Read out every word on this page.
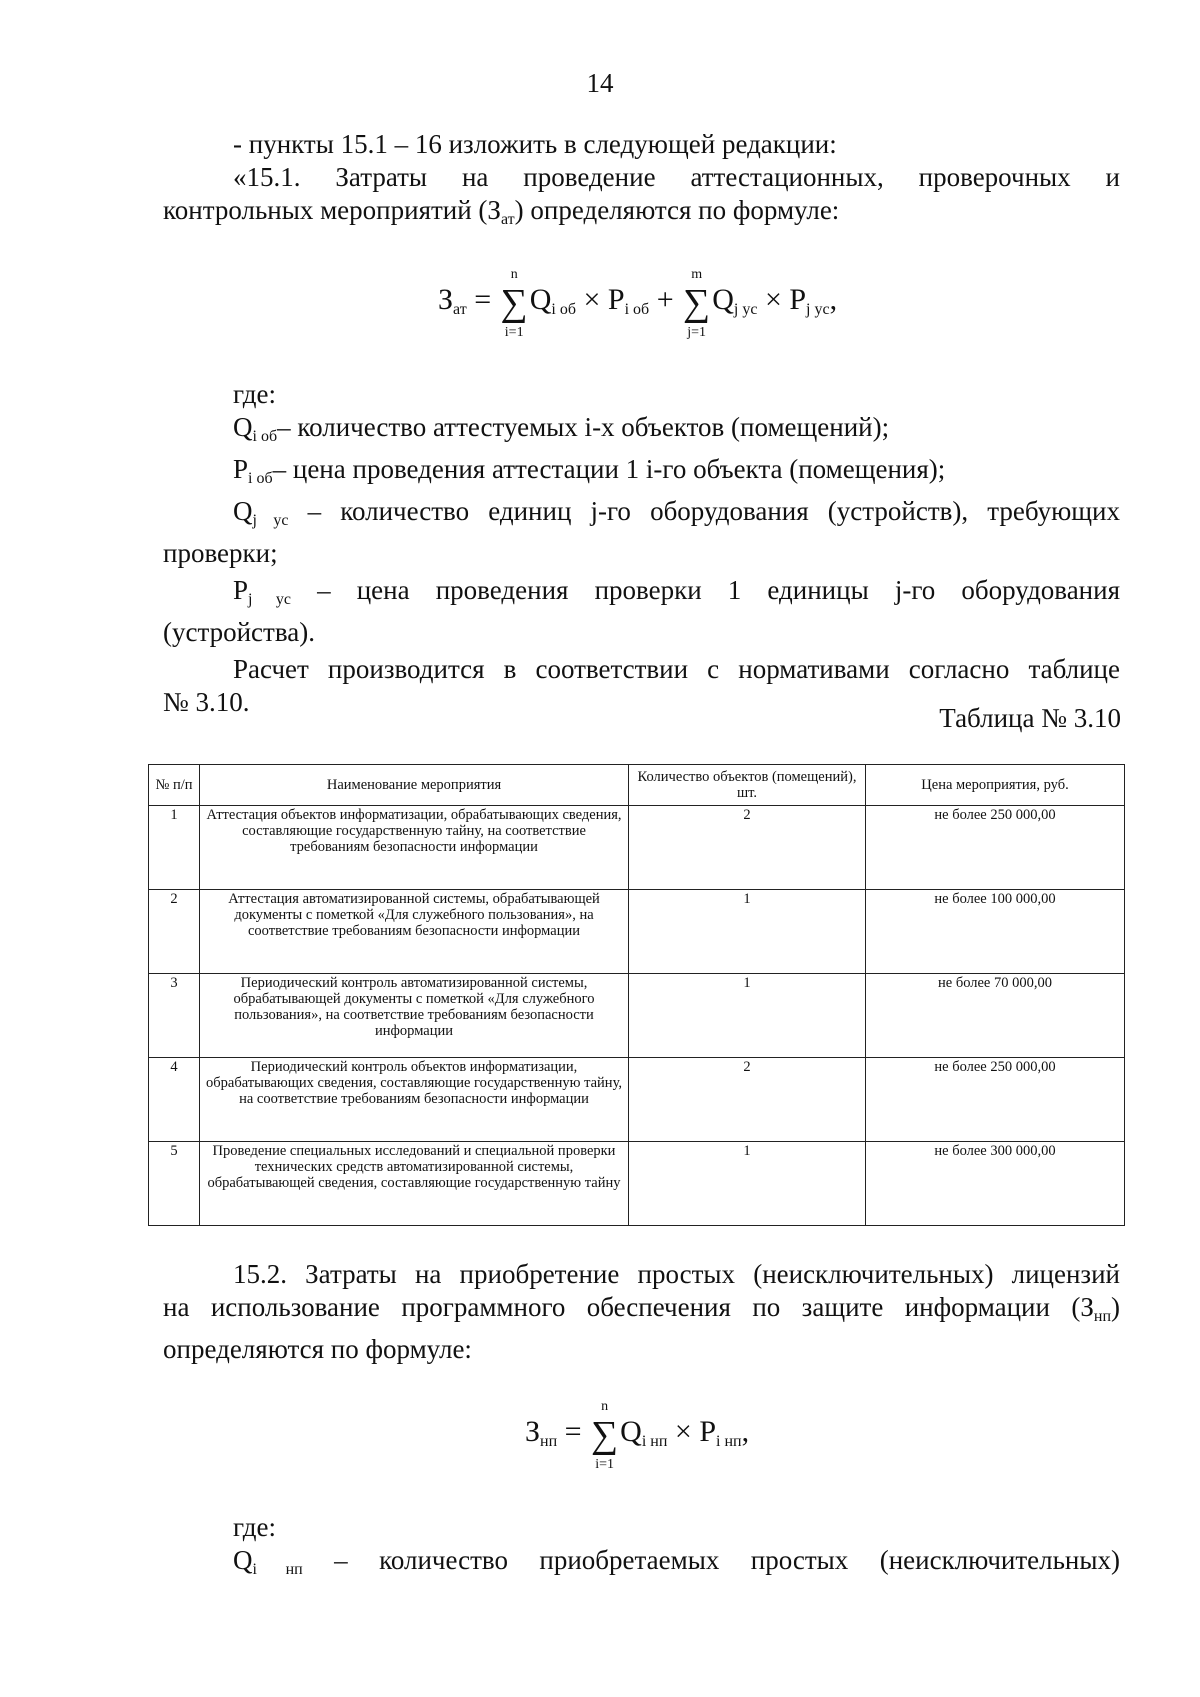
14
- пункты 15.1 – 16 изложить в следующей редакции:
«15.1. Затраты на проведение аттестационных, проверочных и
контрольных мероприятий $(З_{ат})$ определяются по формуле:
$З_{ат}$ = ∑
n
i=1
$Q_{i об} \times P_{i об}$ + ∑
m
j=1
$Q_{j ус} \times P_{j ус}$,
где:
$Q_{i об}-$ количество аттестуемых i-х объектов (помещений);
$P_{i об}-$ цена проведения аттестации 1 i-го объекта (помещения);
$Q_{j ус}$ – количество единиц j-го оборудования (устройств), требующих
проверки;
$P_{j ус}$ – цена проведения проверки 1 единицы j-го оборудования
(устройства).
Расчет производится в соответствии с нормативами согласно таблице
№ 3.10.
Таблица № 3.10
№ п/п	Наименование мероприятия	Количество объектов (помещений), шт.	Цена мероприятия, руб.
1	Аттестация объектов информатизации, обрабатывающих сведения, составляющие государственную тайну, на соответствие требованиям безопасности информации	2	не более 250 000,00
2	Аттестация автоматизированной системы, обрабатывающей документы с пометкой «Для служебного пользования», на соответствие требованиям безопасности информации	1	не более 100 000,00
3	Периодический контроль автоматизированной системы, обрабатывающей документы с пометкой «Для служебного пользования», на соответствие требованиям безопасности информации	1	не более 70 000,00
4	Периодический контроль объектов информатизации, обрабатывающих сведения, составляющие государственную тайну, на соответствие требованиям безопасности информации	2	не более 250 000,00
5	Проведение специальных исследований и специальной проверки технических средств автоматизированной системы, обрабатывающей сведения, составляющие государственную тайну	1	не более 300 000,00
15.2. Затраты на приобретение простых (неисключительных) лицензий
на использование программного обеспечения по защите информации $(З_{нп})$
определяются по формуле:
$З_{нп}$ = ∑
n
i=1
$Q_{i нп} \times P_{i нп}$,
где:
$Q_{i нп}$ – количество приобретаемых простых (неисключительных)
